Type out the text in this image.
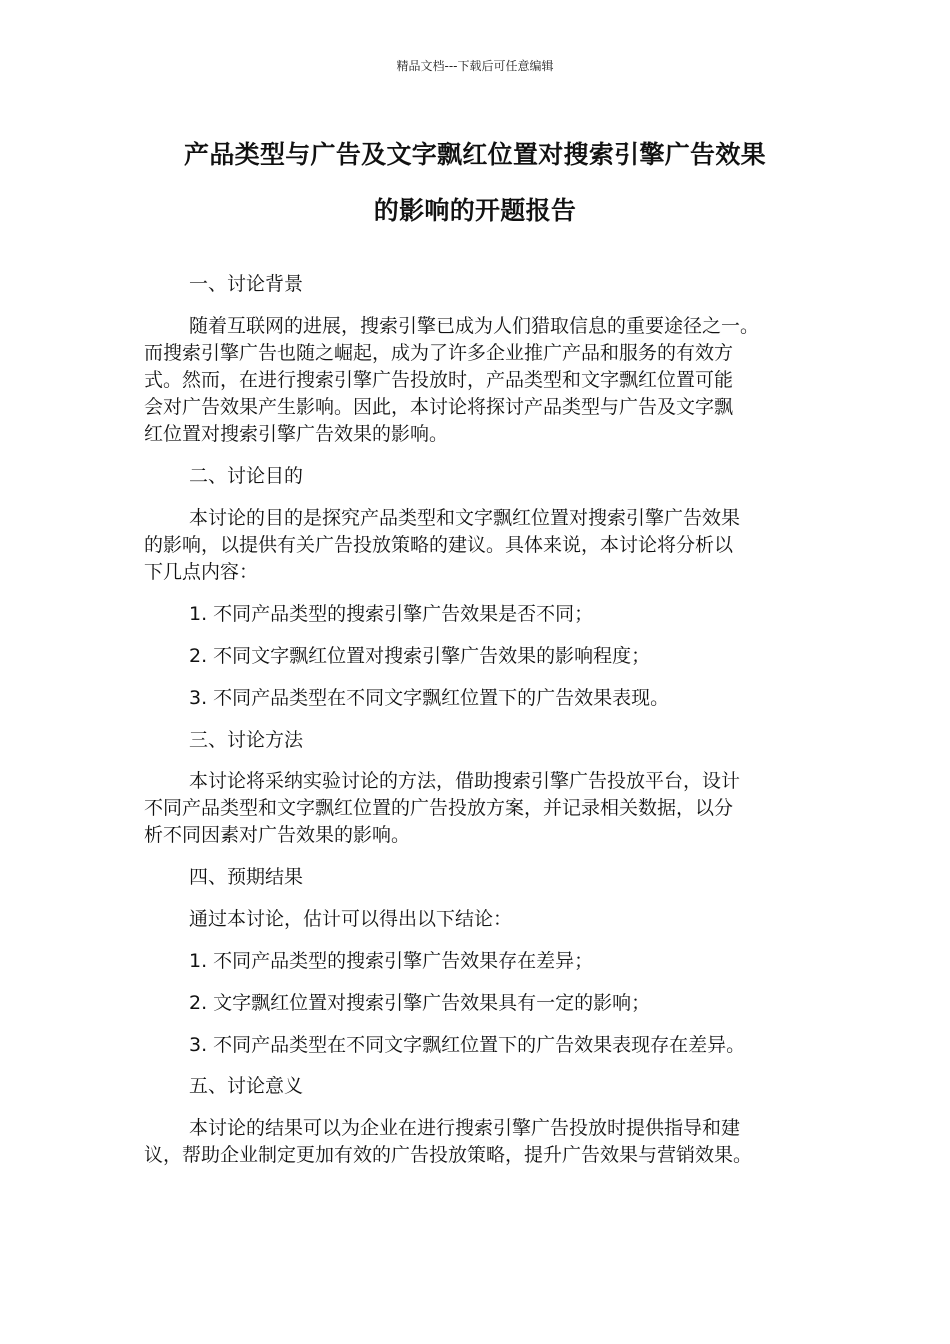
精品文档---下载后可任意编辑
产品类型与广告及文字飘红位置对搜索引擎广告效果
的影响的开题报告
一、讨论背景
随着互联网的进展，搜索引擎已成为人们猎取信息的重要途径之一。
而搜索引擎广告也随之崛起，成为了许多企业推广产品和服务的有效方
式。然而，在进行搜索引擎广告投放时，产品类型和文字飘红位置可能
会对广告效果产生影响。因此，本讨论将探讨产品类型与广告及文字飘
红位置对搜索引擎广告效果的影响。
二、讨论目的
本讨论的目的是探究产品类型和文字飘红位置对搜索引擎广告效果
的影响，以提供有关广告投放策略的建议。具体来说，本讨论将分析以
下几点内容：
1. 不同产品类型的搜索引擎广告效果是否不同；
2. 不同文字飘红位置对搜索引擎广告效果的影响程度；
3. 不同产品类型在不同文字飘红位置下的广告效果表现。
三、讨论方法
本讨论将采纳实验讨论的方法，借助搜索引擎广告投放平台，设计
不同产品类型和文字飘红位置的广告投放方案，并记录相关数据，以分
析不同因素对广告效果的影响。
四、预期结果
通过本讨论，估计可以得出以下结论：
1. 不同产品类型的搜索引擎广告效果存在差异；
2. 文字飘红位置对搜索引擎广告效果具有一定的影响；
3. 不同产品类型在不同文字飘红位置下的广告效果表现存在差异。
五、讨论意义
本讨论的结果可以为企业在进行搜索引擎广告投放时提供指导和建
议，帮助企业制定更加有效的广告投放策略，提升广告效果与营销效果。
